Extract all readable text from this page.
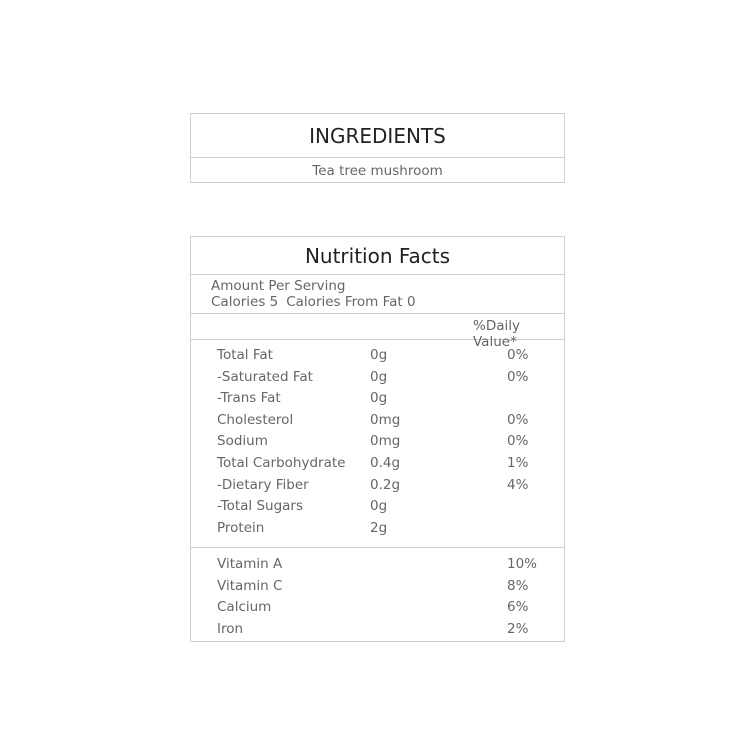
INGREDIENTS
Tea tree mushroom
Nutrition Facts
Amount Per Serving
Calories 5 Calories From Fat 0
%Daily Value*
Total Fat	0g	0%
-Saturated Fat	0g	0%
-Trans Fat	0g
Cholesterol	0mg	0%
Sodium	0mg	0%
Total Carbohydrate 0.4g	1%
-Dietary Fiber	0.2g	4%
-Total Sugars	0g
Protein	2g
Vitamin A	10%
Vitamin C	8%
Calcium	6%
Iron	2%
